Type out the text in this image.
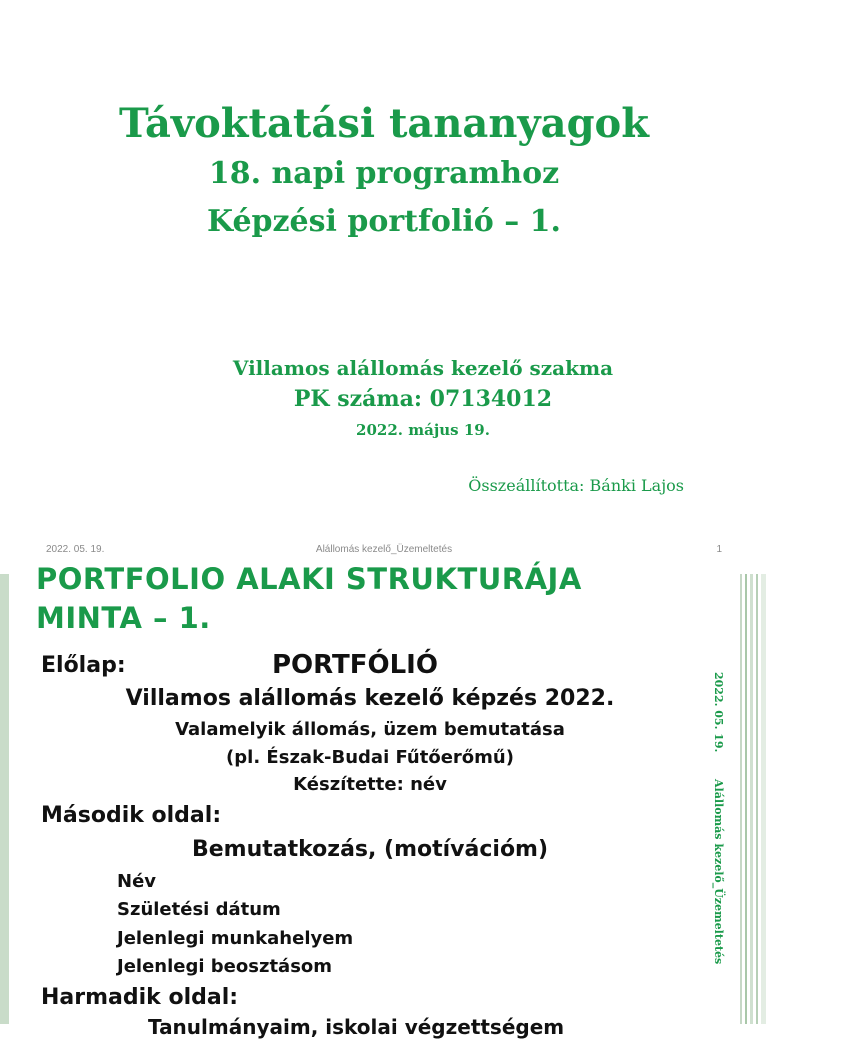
Távoktatási tananyagok

18. napi programhoz

Képzési portfolió – 1.

Villamos alállomás kezelő szakma

PK száma: 07134012

2022. május 19.

Összeállította: Bánki Lajos

2022. 05. 19.	Alállomás kezelő_Üzemeltetés	1
PORTFOLIO ALAKI STRUKTURÁJA MINTA – 1.
2022. 05. 19.
Alállomás kezelő_Üzemeltetés

Előlap:	PORTFÓLIÓ

Villamos alállomás kezelő képzés 2022.

Valamelyik állomás, üzem bemutatása

(pl. Észak-Budai Fűtőerőmű)

Készítette: név

Második oldal:

Bemutatkozás, (motívációm)

Név

Születési dátum

Jelenlegi munkahelyem

Jelenlegi beosztásom

Harmadik oldal:

Tanulmányaim, iskolai végzettségem
